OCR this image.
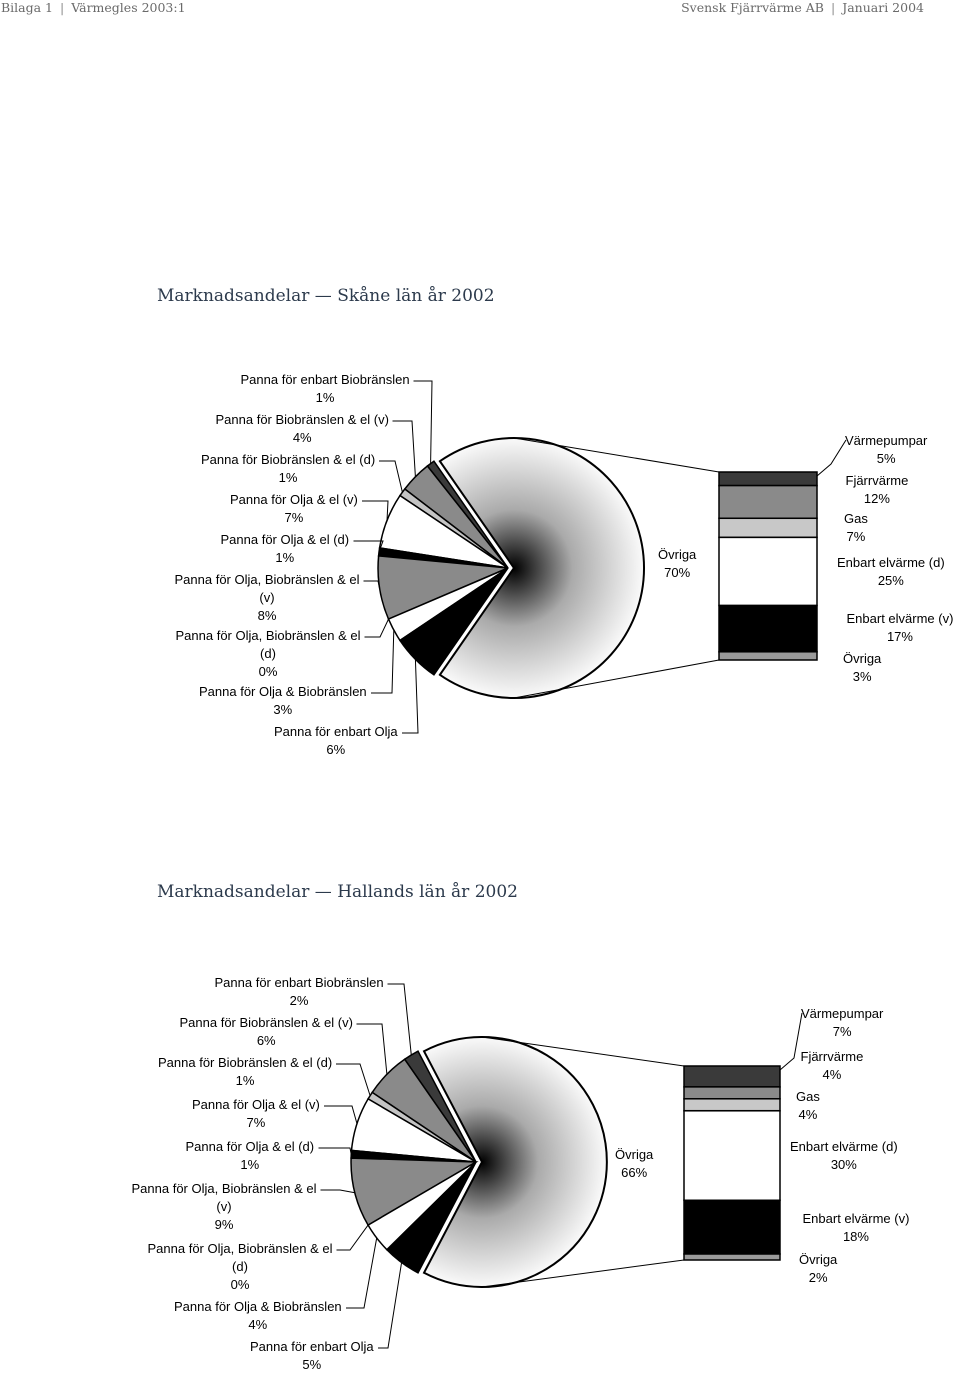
Bilaga 1 | Värmegles 2003:1	Svensk Fjärrvärme AB | Januari 2004
Marknadsandelar — Skåne län år 2002
Marknadsandelar — Hallands län år 2002
Panna för enbart Biobränslen
1%
Panna för Biobränslen & el (v)
4%
Panna för Biobränslen & el (d)
1%
Panna för Olja & el (v)
7%
Panna för Olja & el (d)
1%
Panna för Olja, Biobränslen & el
(v)
8%
Panna för Olja, Biobränslen & el
(d)
0%
Panna för Olja & Biobränslen
3%
Panna för enbart Olja
6%
Övriga
70%
Värmepumpar
5%
Fjärrvärme
12%
Gas
7%
Enbart elvärme (d)
25%
Enbart elvärme (v)
17%
Övriga
3%
Panna för enbart Biobränslen
2%
Panna för Biobränslen & el (v)
6%
Panna för Biobränslen & el (d)
1%
Panna för Olja & el (v)
7%
Panna för Olja & el (d)
1%
Panna för Olja, Biobränslen & el
(v)
9%
Panna för Olja, Biobränslen & el
(d)
0%
Panna för Olja & Biobränslen
4%
Panna för enbart Olja
5%
Övriga
66%
Värmepumpar
7%
Fjärrvärme
4%
Gas
4%
Enbart elvärme (d)
30%
Enbart elvärme (v)
18%
Övriga
2%
